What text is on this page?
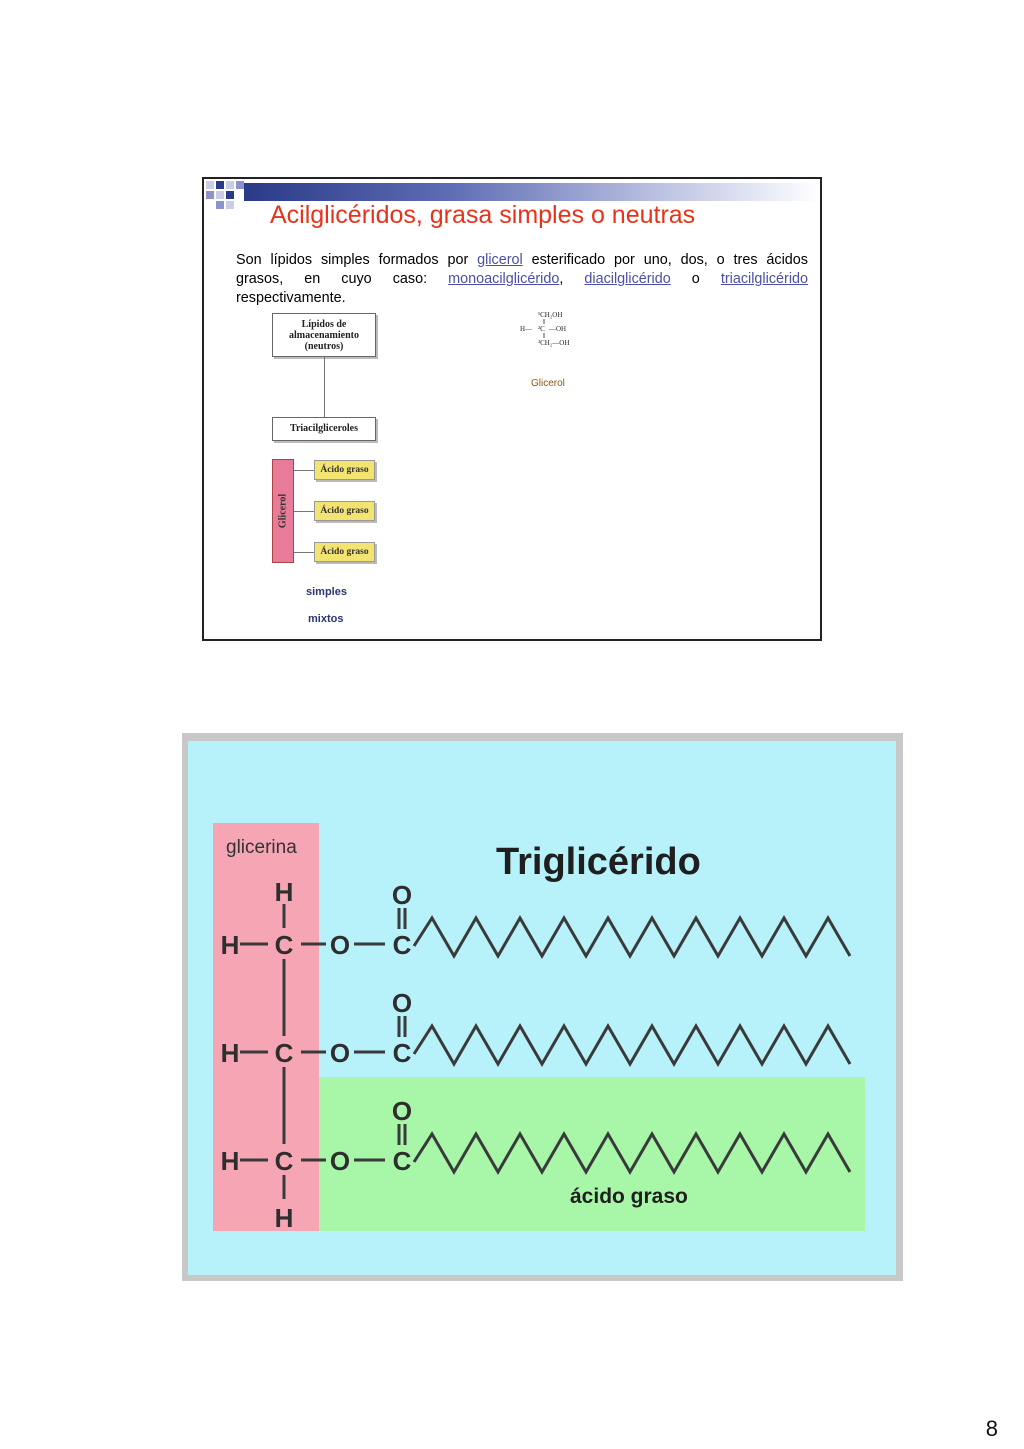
Acilglicéridos, grasa simples o neutras
Son lípidos simples formados por glicerol esterificado por uno, dos, o tres ácidos
grasos, en cuyo caso: monoacilglicérido, diacilglicérido o triacilglicérido
respectivamente.
Lípidos de
almacenamiento
(neutros)
Triacilgliceroles
Glicerol
Ácido graso
Ácido graso
Ácido graso
simples
mixtos
¹CH₂OH
H— ²C —OH
³CH₂—OH
Glicerol
glicerina	Triglicérido
ácido graso
H
H
H C O C
O
H C O C
O
H C O C
O
8
